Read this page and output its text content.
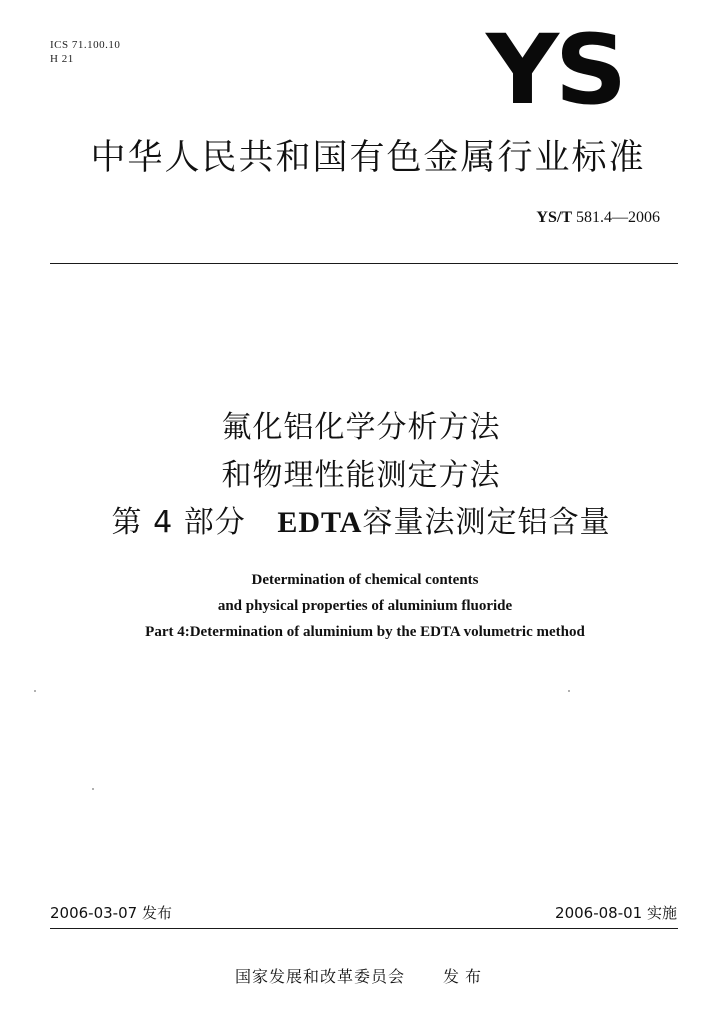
ICS 71.100.10
H 21	YS
中华人民共和国有色金属行业标准
YS/T 581.4—2006
氟化铝化学分析方法
和物理性能测定方法
第 4 部分 EDTA容量法测定铝含量
Determination of chemical contents
and physical properties of aluminium fluoride
Part 4:Determination of aluminium by the EDTA volumetric method
2006-03-07 发布	2006-08-01 实施
国家发展和改革委员会 发布
